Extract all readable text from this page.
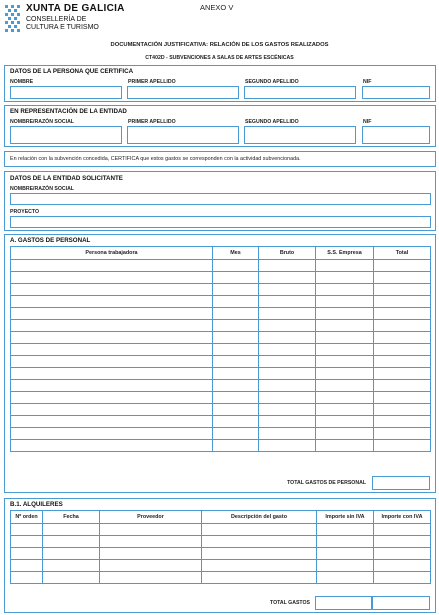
XUNTA DE GALICIA
CONSELLERÍA DE
CULTURA E TURISMO
ANEXO V
DOCUMENTACIÓN JUSTIFICATIVA: RELACIÓN DE LOS GASTOS REALIZADOS
CT402D - SUBVENCIONES A SALAS DE ARTES ESCÉNICAS
DATOS DE LA PERSONA QUE CERTIFICA
NOMBRE	PRIMER APELLIDO	SEGUNDO APELLIDO	NIF
EN REPRESENTACIÓN DE LA ENTIDAD
NOMBRE/RAZÓN SOCIAL	PRIMER APELLIDO	SEGUNDO APELLIDO	NIF
En relación con la subvención concedida, CERTIFICA que estos gastos se corresponden con la actividad subvencionada.
DATOS DE LA ENTIDAD SOLICITANTE
NOMBRE/RAZÓN SOCIAL
PROYECTO
A. GASTOS DE PERSONAL
Persona trabajadora	Mes	Bruto	S.S. Empresa	Total

TOTAL GASTOS DE PERSONAL
B.1. ALQUILERES
Nº orden	Fecha	Proveedor	Descripción del gasto	Importe sin IVA	Importe con IVA

TOTAL GASTOS
